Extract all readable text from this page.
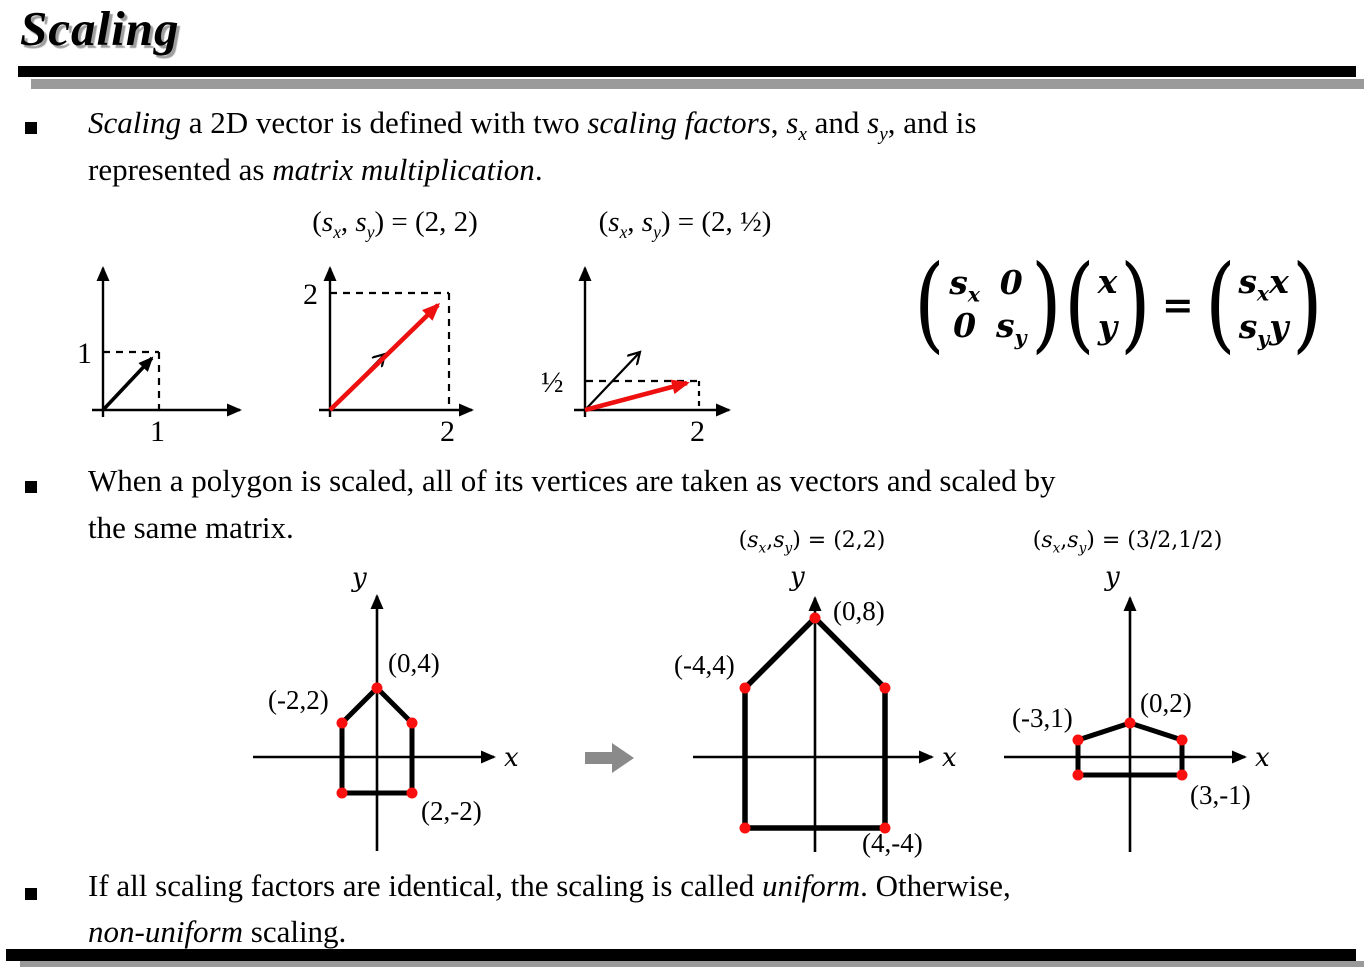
Scaling
Scaling a 2D vector is defined with two scaling factors, $s_x$ and $s_y$, and is
represented as matrix multiplication.
($s_x$, $s_y) = (2$, 2)	($s_x$, $s_y) = (2$, ½)
1
1
2
2
½
2
( $s_x$ 0
0 $s_y$ ) ( x
y ) = ( $s_xx$
$s_yy$ )
When a polygon is scaled, all of its vertices are taken as vectors and scaled by
the same matrix.	$(s_x,s_y) = (2,2)$	$(s_x,s_y) = (3/2,1/2)$
y
x
(0,4)
(-2,2)
(2,-2)
y
x
(0,8)
(-4,4)
(4,-4)
y
x
(0,2)
(-3,1)
(3,-1)
If all scaling factors are identical, the scaling is called uniform. Otherwise,
non-uniform scaling.
